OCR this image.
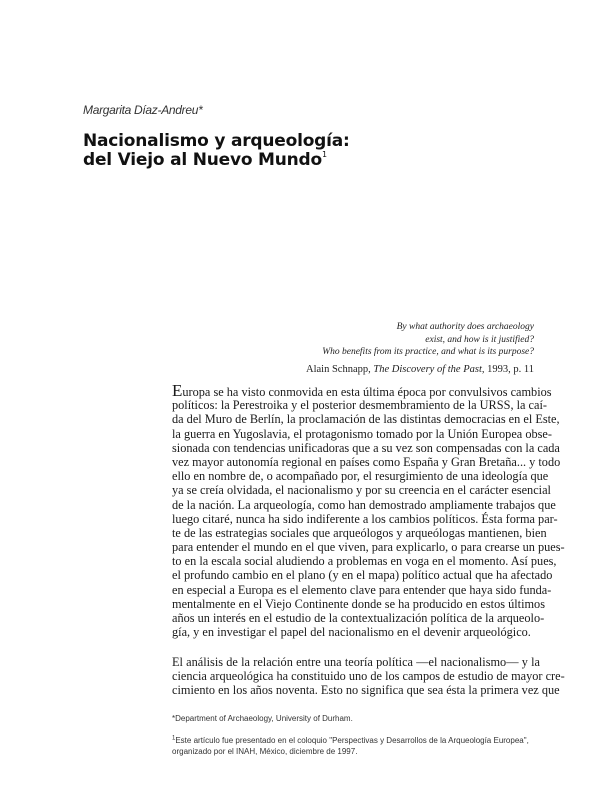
Margarita Díaz-Andreu*
Nacionalismo y arqueología:
del Viejo al Nuevo Mundo$^1$
By what authority does archaeology
exist, and how is it justified?
Who benefits from its practice, and what is its purpose?
Alain Schnapp, The Discovery of the Past, 1993, p. 11
Europa se ha visto conmovida en esta última época por convulsivos cambios
políticos: la Perestroika y el posterior desmembramiento de la URSS, la caí-
da del Muro de Berlín, la proclamación de las distintas democracias en el Este,
la guerra en Yugoslavia, el protagonismo tomado por la Unión Europea obse-
sionada con tendencias unificadoras que a su vez son compensadas con la cada
vez mayor autonomía regional en países como España y Gran Bretaña... y todo
ello en nombre de, o acompañado por, el resurgimiento de una ideología que
ya se creía olvidada, el nacionalismo y por su creencia en el carácter esencial
de la nación. La arqueología, como han demostrado ampliamente trabajos que
luego citaré, nunca ha sido indiferente a los cambios políticos. Ésta forma par-
te de las estrategias sociales que arqueólogos y arqueólogas mantienen, bien
para entender el mundo en el que viven, para explicarlo, o para crearse un pues-
to en la escala social aludiendo a problemas en voga en el momento. Así pues,
el profundo cambio en el plano (y en el mapa) político actual que ha afectado
en especial a Europa es el elemento clave para entender que haya sido funda-
mentalmente en el Viejo Continente donde se ha producido en estos últimos
años un interés en el estudio de la contextualización política de la arqueolo-
gía, y en investigar el papel del nacionalismo en el devenir arqueológico.
El análisis de la relación entre una teoría política —el nacionalismo— y la
ciencia arqueológica ha constituido uno de los campos de estudio de mayor cre-
cimiento en los años noventa. Esto no significa que sea ésta la primera vez que
*Department of Archaeology, University of Durham.
$^1$Este artículo fue presentado en el coloquio "Perspectivas y Desarrollos de la Arqueología Europea",
organizado por el INAH, México, diciembre de 1997.
